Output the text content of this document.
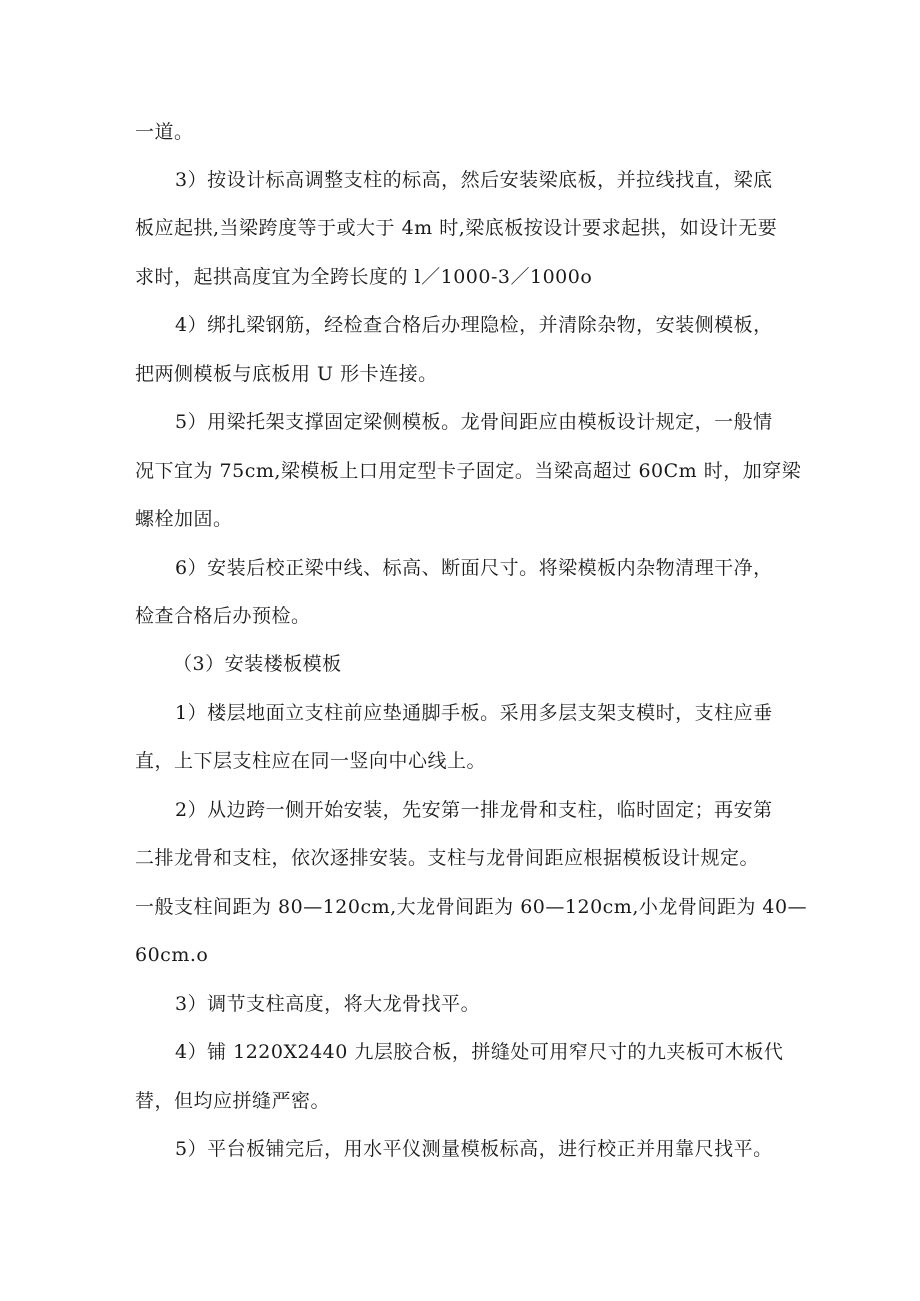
一道。

3）按设计标高调整支柱的标高，然后安装梁底板，并拉线找直，梁底

板应起拱,当梁跨度等于或大于 4m 时,梁底板按设计要求起拱，如设计无要

求时，起拱高度宜为全跨长度的 l／1000-3／1000o

4）绑扎梁钢筋，经检查合格后办理隐检，并清除杂物，安装侧模板，

把两侧模板与底板用 U 形卡连接。

5）用梁托架支撑固定梁侧模板。龙骨间距应由模板设计规定，一般情

况下宜为 75cm,梁模板上口用定型卡子固定。当梁高超过 60Cm 时，加穿梁

螺栓加固。

6）安装后校正梁中线、标高、断面尺寸。将梁模板内杂物清理干净，

检查合格后办预检。

（3）安装楼板模板

1）楼层地面立支柱前应垫通脚手板。采用多层支架支模时，支柱应垂

直，上下层支柱应在同一竖向中心线上。

2）从边跨一侧开始安装，先安第一排龙骨和支柱，临时固定；再安第

二排龙骨和支柱，依次逐排安装。支柱与龙骨间距应根据模板设计规定。

一般支柱间距为 80—120cm,大龙骨间距为 60—120cm,小龙骨间距为 40—

60cm.o

3）调节支柱高度，将大龙骨找平。

4）铺 1220X2440 九层胶合板，拼缝处可用窄尺寸的九夹板可木板代

替，但均应拼缝严密。

5）平台板铺完后，用水平仪测量模板标高，进行校正并用靠尺找平。
